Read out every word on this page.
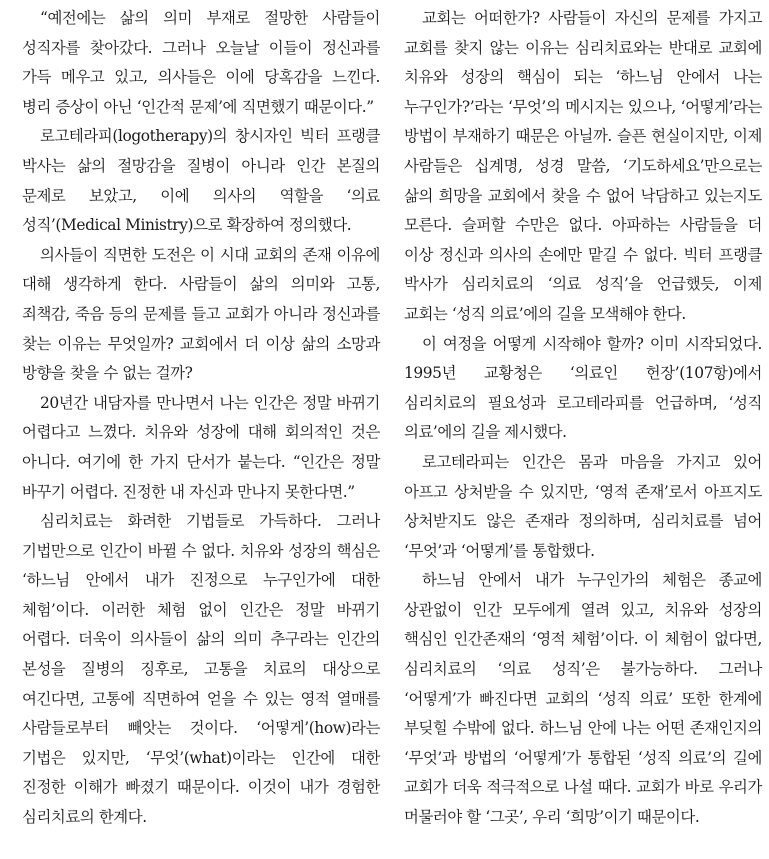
“예전에는 삶의 의미 부재로 절망한 사람들이 성직자를 찾아갔다. 그러나 오늘날 이들이 정신과를 가득 메우고 있고, 의사들은 이에 당혹감을 느낀다. 병리 증상이 아닌 ‘인간적 문제’에 직면했기 때문이다.”

로고테라피(logotherapy)의 창시자인 빅터 프랭클 박사는 삶의 절망감을 질병이 아니라 인간 본질의 문제로 보았고, 이에 의사의 역할을 ‘의료 성직’(Medical Ministry)으로 확장하여 정의했다.

의사들이 직면한 도전은 이 시대 교회의 존재 이유에 대해 생각하게 한다. 사람들이 삶의 의미와 고통, 죄책감, 죽음 등의 문제를 들고 교회가 아니라 정신과를 찾는 이유는 무엇일까? 교회에서 더 이상 삶의 소망과 방향을 찾을 수 없는 걸까?

20년간 내담자를 만나면서 나는 인간은 정말 바뀌기 어렵다고 느꼈다. 치유와 성장에 대해 회의적인 것은 아니다. 여기에 한 가지 단서가 붙는다. “인간은 정말 바꾸기 어렵다. 진정한 내 자신과 만나지 못한다면.”

심리치료는 화려한 기법들로 가득하다. 그러나 기법만으로 인간이 바뀔 수 없다. 치유와 성장의 핵심은 ‘하느님 안에서 내가 진정으로 누구인가에 대한 체험’이다. 이러한 체험 없이 인간은 정말 바뀌기 어렵다. 더욱이 의사들이 삶의 의미 추구라는 인간의 본성을 질병의 징후로, 고통을 치료의 대상으로 여긴다면, 고통에 직면하여 얻을 수 있는 영적 열매를 사람들로부터 빼앗는 것이다. ‘어떻게’(how)라는 기법은 있지만, ‘무엇’(what)이라는 인간에 대한 진정한 이해가 빠졌기 때문이다. 이것이 내가 경험한 심리치료의 한계다.

교회는 어떠한가? 사람들이 자신의 문제를 가지고 교회를 찾지 않는 이유는 심리치료와는 반대로 교회에 치유와 성장의 핵심이 되는 ‘하느님 안에서 나는 누구인가?’라는 ‘무엇’의 메시지는 있으나, ‘어떻게’라는 방법이 부재하기 때문은 아닐까. 슬픈 현실이지만, 이제 사람들은 십계명, 성경 말씀, ‘기도하세요’만으로는 삶의 희망을 교회에서 찾을 수 없어 낙담하고 있는지도 모른다. 슬퍼할 수만은 없다. 아파하는 사람들을 더 이상 정신과 의사의 손에만 맡길 수 없다. 빅터 프랭클 박사가 심리치료의 ‘의료 성직’을 언급했듯, 이제 교회는 ‘성직 의료’에의 길을 모색해야 한다.

이 여정을 어떻게 시작해야 할까? 이미 시작되었다. 1995년 교황청은 ‘의료인 헌장’(107항)에서 심리치료의 필요성과 로고테라피를 언급하며, ‘성직 의료’에의 길을 제시했다.

로고테라피는 인간은 몸과 마음을 가지고 있어 아프고 상처받을 수 있지만, ‘영적 존재’로서 아프지도 상처받지도 않은 존재라 정의하며, 심리치료를 넘어 ‘무엇’과 ‘어떻게’를 통합했다.

하느님 안에서 내가 누구인가의 체험은 종교에 상관없이 인간 모두에게 열려 있고, 치유와 성장의 핵심인 인간존재의 ‘영적 체험’이다. 이 체험이 없다면, 심리치료의 ‘의료 성직’은 불가능하다. 그러나 ‘어떻게’가 빠진다면 교회의 ‘성직 의료’ 또한 한계에 부딪힐 수밖에 없다. 하느님 안에 나는 어떤 존재인지의 ‘무엇’과 방법의 ‘어떻게’가 통합된 ‘성직 의료’의 길에 교회가 더욱 적극적으로 나설 때다. 교회가 바로 우리가 머물러야 할 ‘그곳’, 우리 ‘희망’이기 때문이다.
